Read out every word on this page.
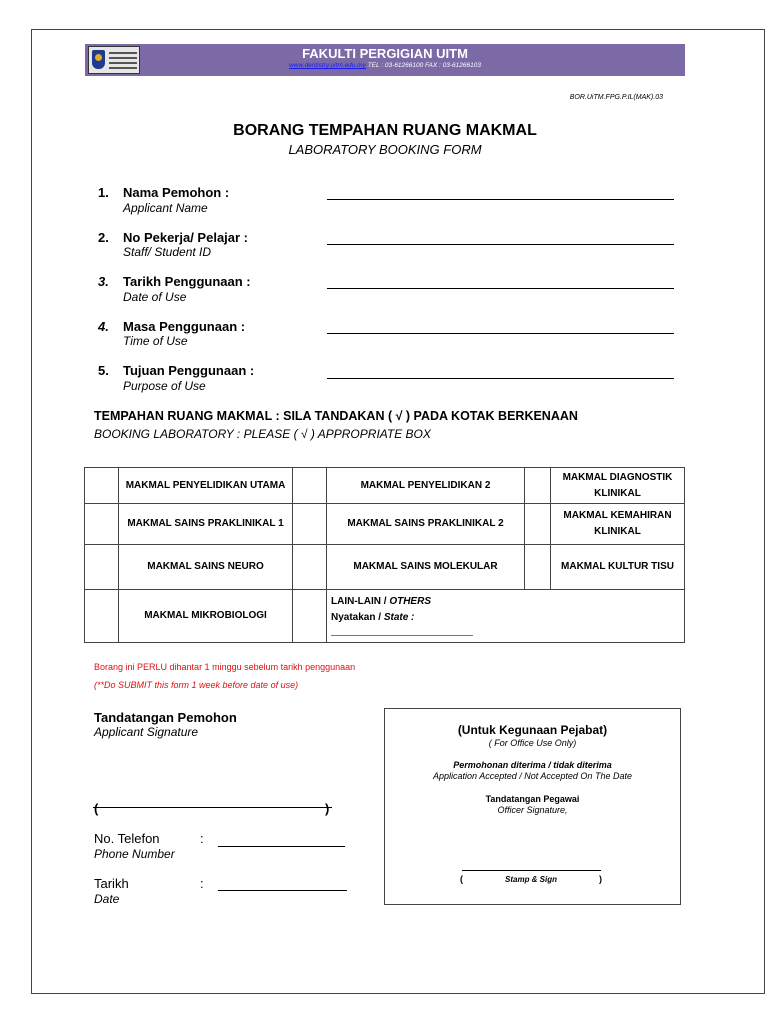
FAKULTI PERGIGIAN UITM
www.dentistry.uitm.edu.my TEL : 03-61266100 FAX : 03-61266103
BOR.UiTM.FPG.P.IL(MAK).03
BORANG TEMPAHAN RUANG MAKMAL
LABORATORY BOOKING FORM
1. Nama Pemohon :
Applicant Name
2. No Pekerja/ Pelajar :
Staff/ Student ID
3. Tarikh Penggunaan :
Date of Use
4. Masa Penggunaan :
Time of Use
5. Tujuan Penggunaan :
Purpose of Use
TEMPAHAN RUANG MAKMAL : SILA TANDAKAN ( √ ) PADA KOTAK BERKENAAN
BOOKING LABORATORY : PLEASE ( √ ) APPROPRIATE BOX
	MAKMAL PENYELIDIKAN UTAMA		MAKMAL PENYELIDIKAN 2		MAKMAL DIAGNOSTIK KLINIKAL
	MAKMAL SAINS PRAKLINIKAL 1		MAKMAL SAINS PRAKLINIKAL 2		MAKMAL KEMAHIRAN KLINIKAL
	MAKMAL SAINS NEURO		MAKMAL SAINS MOLEKULAR		MAKMAL KULTUR TISU
	MAKMAL MIKROBIOLOGI		LAIN-LAIN / OTHERS
Nyatakan / State :		

Borang ini PERLU dihantar 1 minggu sebelum tarikh penggunaan
(**Do SUBMIT this form 1 week before date of use)
Tandatangan Pemohon
Applicant Signature
(	)
No. Telefon
Phone Number
:
Tarikh
Date
:
(Untuk Kegunaan Pejabat)
( For Office Use Only)
Permohonan diterima / tidak diterima
Application Accepted / Not Accepted On The Date
Tandatangan Pegawai
Officer Signature,
(	Stamp & Sign	)
